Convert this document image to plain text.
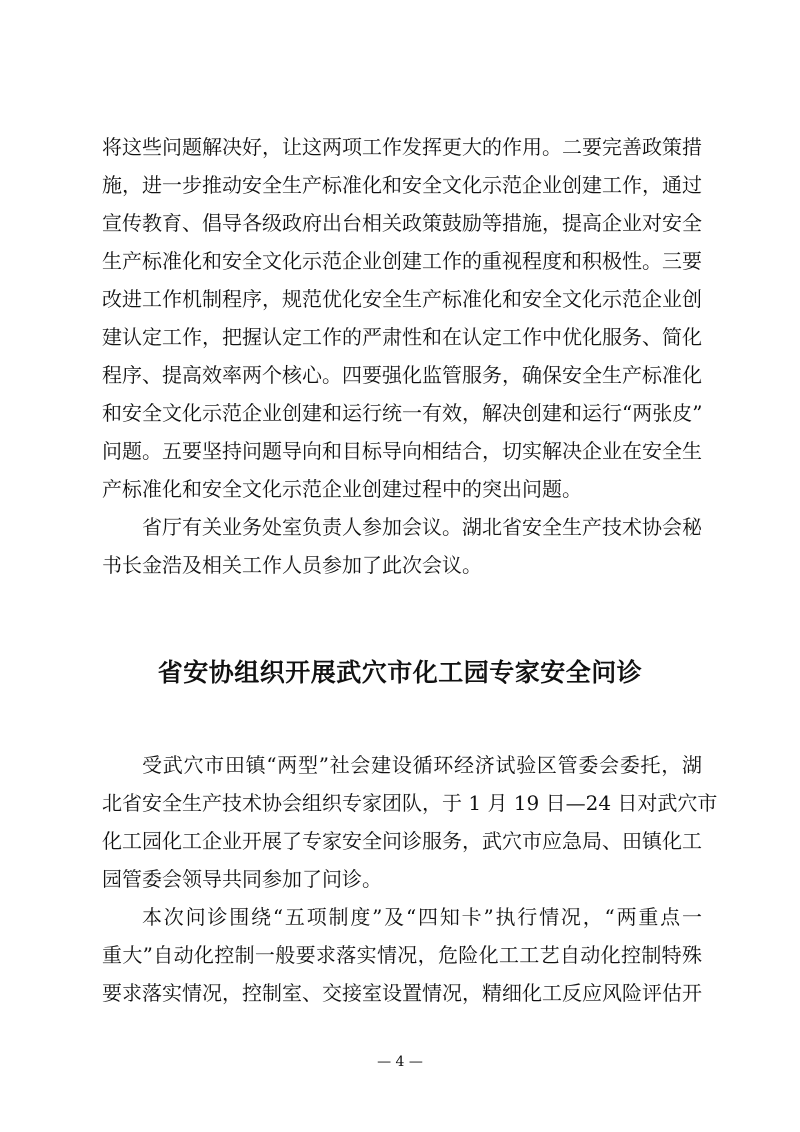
将这些问题解决好，让这两项工作发挥更大的作用。二要完善政策措
施，进一步推动安全生产标准化和安全文化示范企业创建工作，通过
宣传教育、倡导各级政府出台相关政策鼓励等措施，提高企业对安全
生产标准化和安全文化示范企业创建工作的重视程度和积极性。三要
改进工作机制程序，规范优化安全生产标准化和安全文化示范企业创
建认定工作，把握认定工作的严肃性和在认定工作中优化服务、简化
程序、提高效率两个核心。四要强化监管服务，确保安全生产标准化
和安全文化示范企业创建和运行统一有效，解决创建和运行“两张皮”
问题。五要坚持问题导向和目标导向相结合，切实解决企业在安全生
产标准化和安全文化示范企业创建过程中的突出问题。
省厅有关业务处室负责人参加会议。湖北省安全生产技术协会秘
书长金浩及相关工作人员参加了此次会议。
省安协组织开展武穴市化工园专家安全问诊
受武穴市田镇“两型”社会建设循环经济试验区管委会委托，湖
北省安全生产技术协会组织专家团队，于 1 月 19 日—24 日对武穴市
化工园化工企业开展了专家安全问诊服务，武穴市应急局、田镇化工
园管委会领导共同参加了问诊。
本次问诊围绕“五项制度”及“四知卡”执行情况，“两重点一
重大”自动化控制一般要求落实情况，危险化工工艺自动化控制特殊
要求落实情况，控制室、交接室设置情况，精细化工反应风险评估开
— 4 —
